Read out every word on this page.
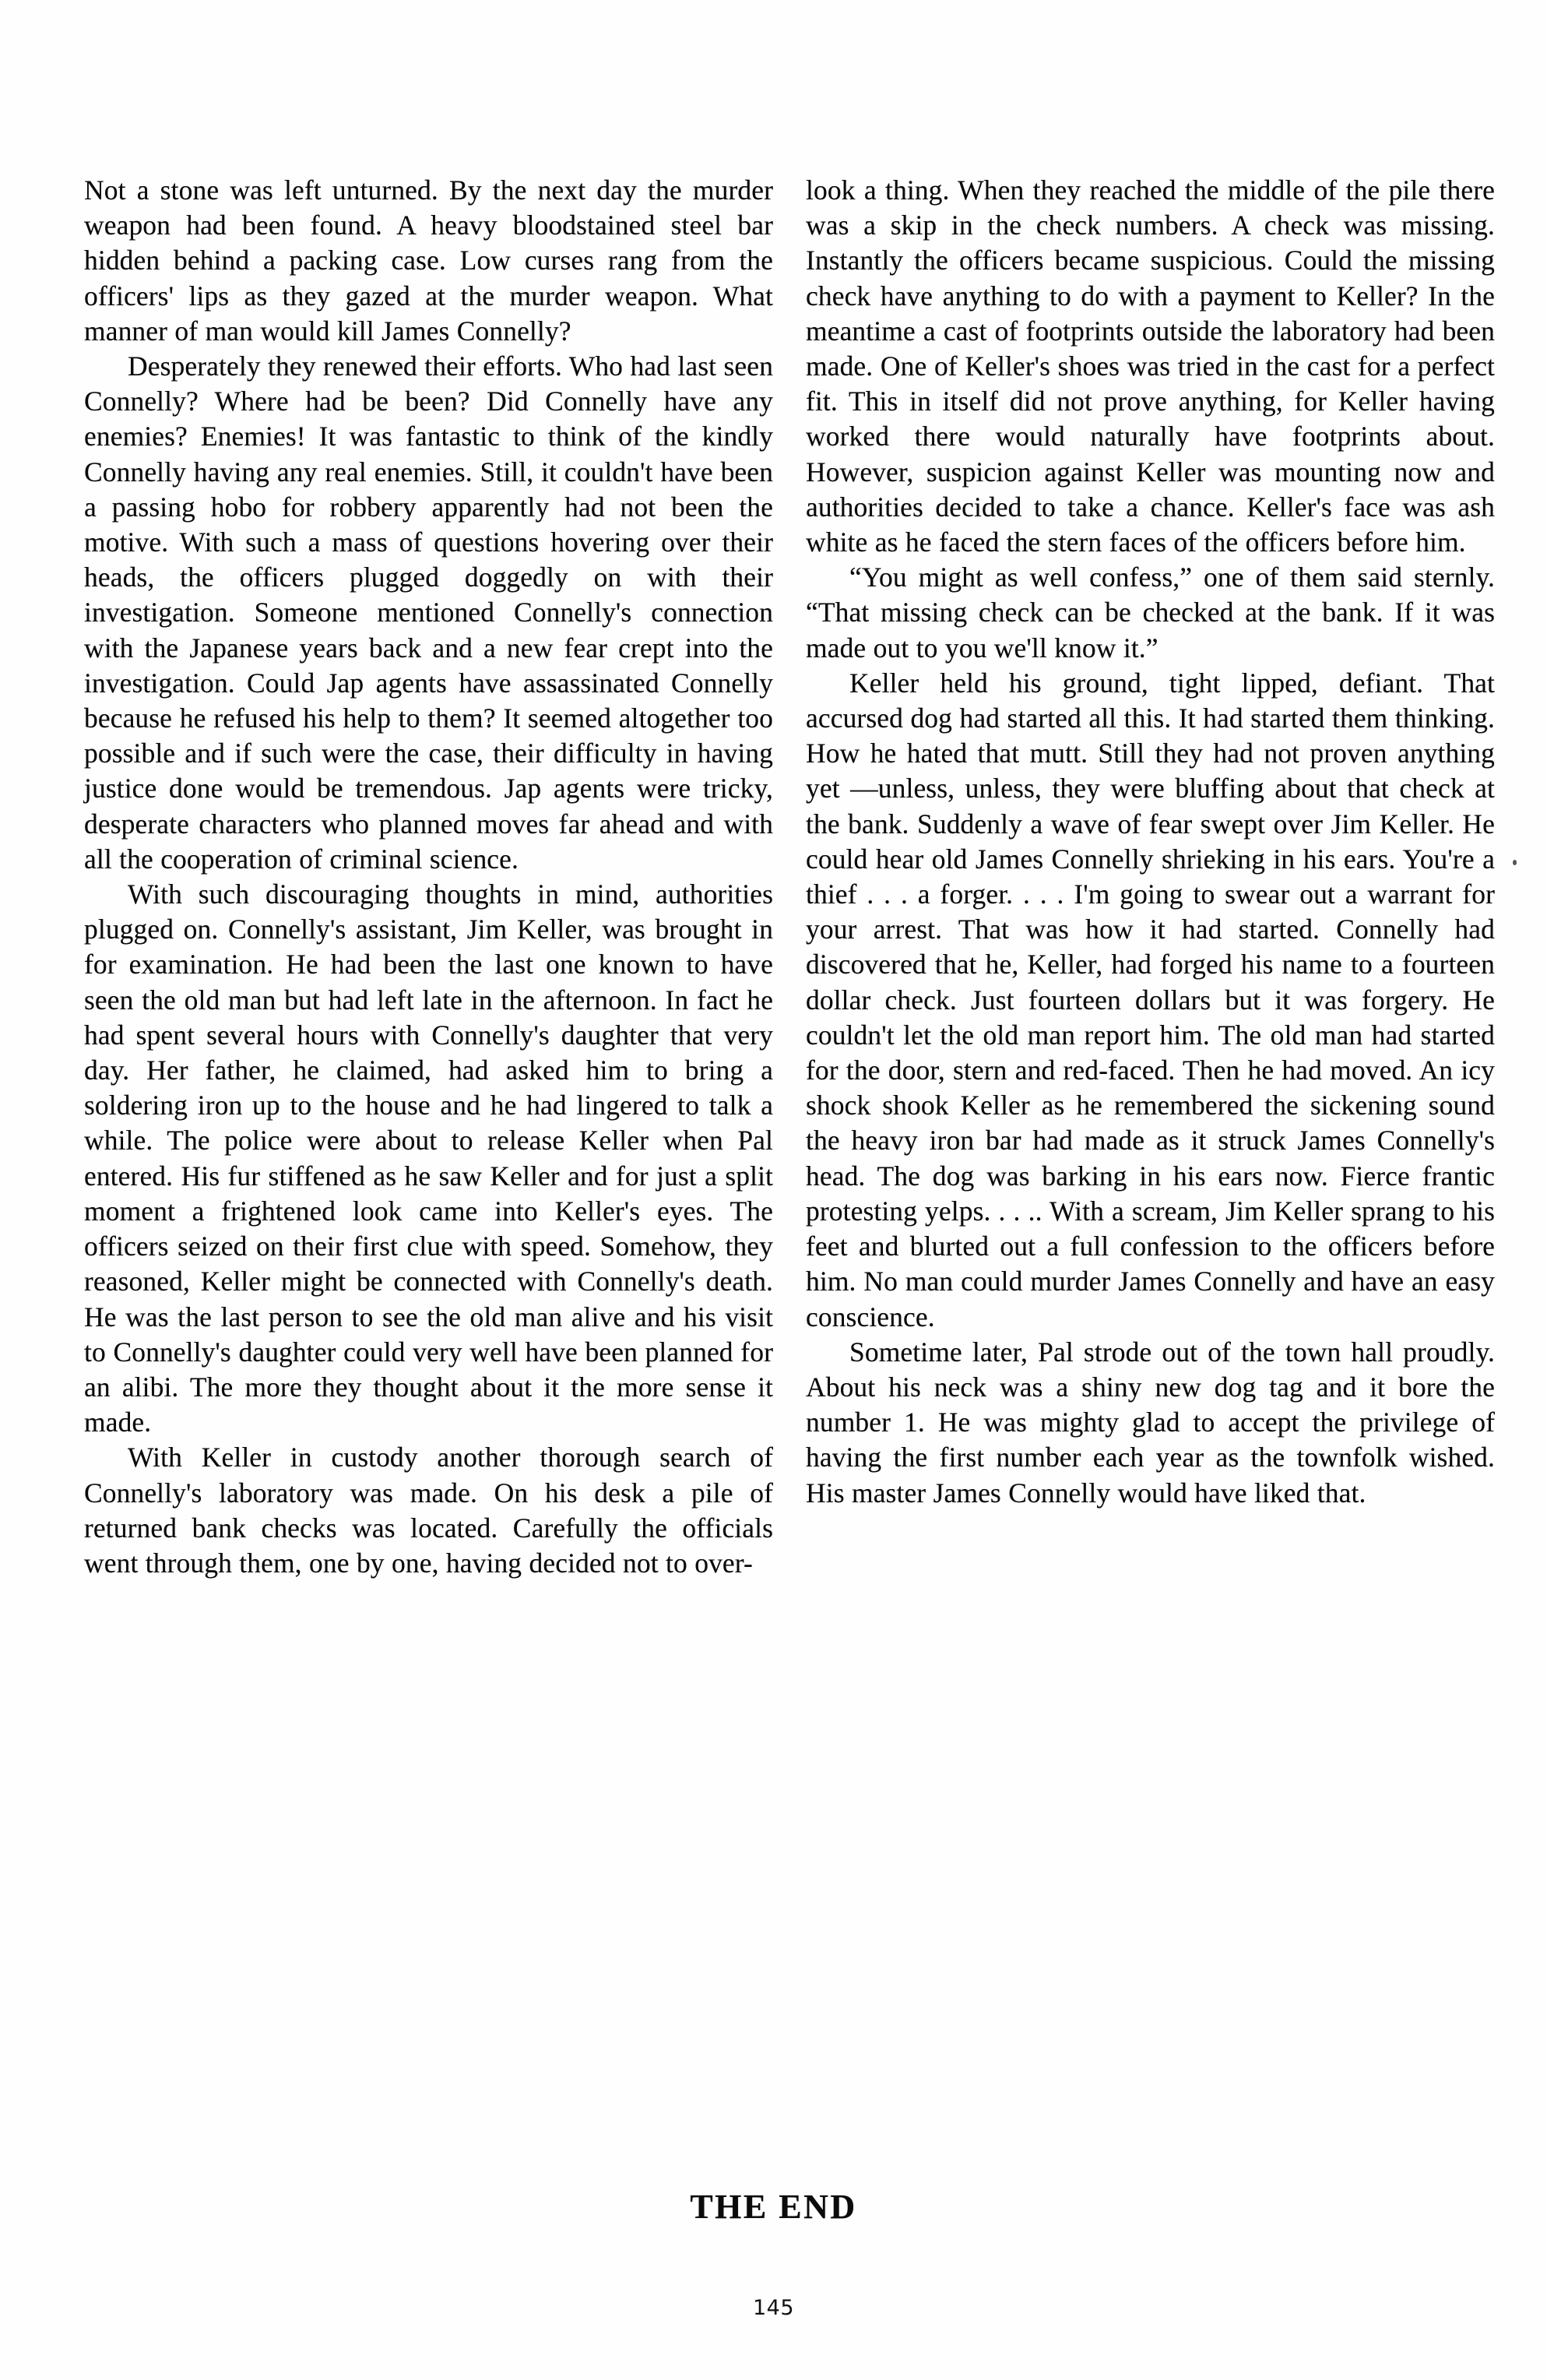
Not a stone was left unturned. By the next day the murder weapon had been found. A heavy bloodstained steel bar hidden behind a packing case. Low curses rang from the officers' lips as they gazed at the murder weapon. What manner of man would kill James Connelly?

Desperately they renewed their efforts. Who had last seen Connelly? Where had be been? Did Connelly have any enemies? Enemies! It was fantastic to think of the kindly Connelly having any real enemies. Still, it couldn't have been a passing hobo for robbery apparently had not been the motive. With such a mass of questions hovering over their heads, the officers plugged doggedly on with their investigation. Someone mentioned Connelly's connection with the Japanese years back and a new fear crept into the investigation. Could Jap agents have assassinated Connelly because he refused his help to them? It seemed altogether too possible and if such were the case, their difficulty in having justice done would be tremendous. Jap agents were tricky, desperate characters who planned moves far ahead and with all the cooperation of criminal science.

With such discouraging thoughts in mind, authorities plugged on. Connelly's assistant, Jim Keller, was brought in for examination. He had been the last one known to have seen the old man but had left late in the afternoon. In fact he had spent several hours with Connelly's daughter that very day. Her father, he claimed, had asked him to bring a soldering iron up to the house and he had lingered to talk a while. The police were about to release Keller when Pal entered. His fur stiffened as he saw Keller and for just a split moment a frightened look came into Keller's eyes. The officers seized on their first clue with speed. Somehow, they reasoned, Keller might be connected with Connelly's death. He was the last person to see the old man alive and his visit to Connelly's daughter could very well have been planned for an alibi. The more they thought about it the more sense it made.

With Keller in custody another thorough search of Connelly's laboratory was made. On his desk a pile of returned bank checks was located. Carefully the officials went through them, one by one, having decided not to over-

look a thing. When they reached the middle of the pile there was a skip in the check numbers. A check was missing. Instantly the officers became suspicious. Could the missing check have anything to do with a payment to Keller? In the meantime a cast of footprints outside the laboratory had been made. One of Keller's shoes was tried in the cast for a perfect fit. This in itself did not prove anything, for Keller having worked there would naturally have footprints about. However, suspicion against Keller was mounting now and authorities decided to take a chance. Keller's face was ash white as he faced the stern faces of the officers before him.

“You might as well confess,” one of them said sternly. “That missing check can be checked at the bank. If it was made out to you we'll know it.”

Keller held his ground, tight lipped, defiant. That accursed dog had started all this. It had started them thinking. How he hated that mutt. Still they had not proven anything yet —unless, unless, they were bluffing about that check at the bank. Suddenly a wave of fear swept over Jim Keller. He could hear old James Connelly shrieking in his ears. You're a thief . . . a forger. . . . I'm going to swear out a warrant for your arrest. That was how it had started. Connelly had discovered that he, Keller, had forged his name to a fourteen dollar check. Just fourteen dollars but it was forgery. He couldn't let the old man report him. The old man had started for the door, stern and red-faced. Then he had moved. An icy shock shook Keller as he remembered the sickening sound the heavy iron bar had made as it struck James Connelly's head. The dog was barking in his ears now. Fierce frantic protesting yelps. . . .. With a scream, Jim Keller sprang to his feet and blurted out a full confession to the officers before him. No man could murder James Connelly and have an easy conscience.

Sometime later, Pal strode out of the town hall proudly. About his neck was a shiny new dog tag and it bore the number 1. He was mighty glad to accept the privilege of having the first number each year as the townfolk wished. His master James Connelly would have liked that.

THE END
145
